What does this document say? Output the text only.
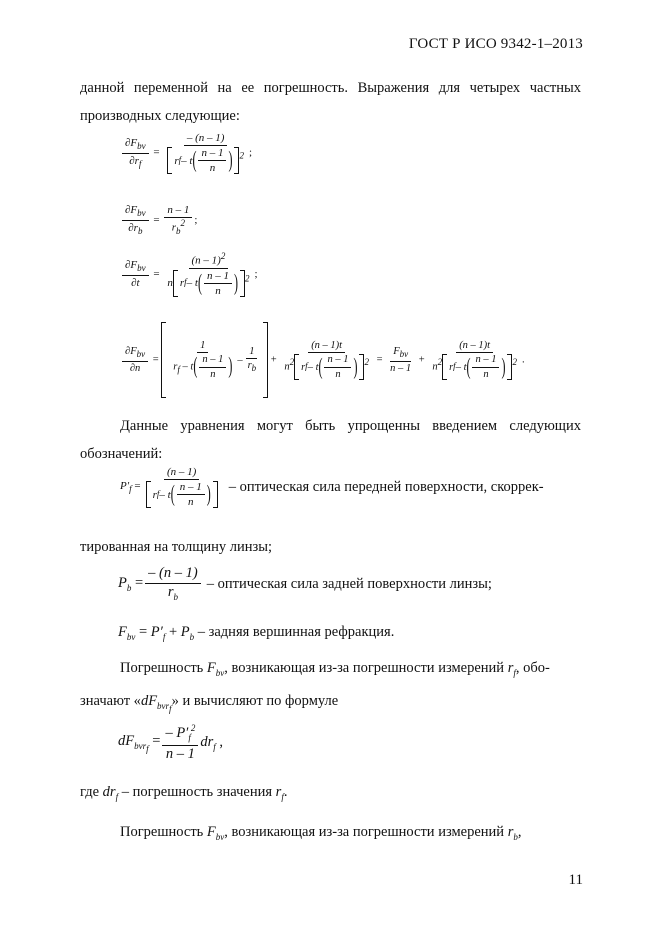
ГОСТ Р ИСО 9342-1–2013
данной переменной на ее погрешность. Выражения для четырех частных производных следующие:
$\frac{\partial F_{bv}}{\partial r_f} = \frac{- (n - 1)}{r f - t ( \frac{n - 1}{n} ) ^2}$ ;
$\frac{\partial F_{bv}}{\partial r_b} = \frac{n - 1}{r_b^2}$ ;
$\frac{\partial F_{bv}}{\partial t} = \frac{(n - 1)^2}{n r f - t ( \frac{n - 1}{n} ) ^2}$ ;
$\frac{\partial F_{bv}}{\partial n} = \frac{1}{r_f - t( \frac{n - 1}{n} )} - \frac{1}{r_b} + \frac{(n - 1)t}{n^2 r f - t ( \frac{n - 1}{n} ) ^2} = \frac{F_{bv}}{n - 1} + \frac{(n - 1)t}{n^2 r f - t ( \frac{n - 1}{n} ) ^2}$ .
Данные уравнения могут быть упрощенны введением следующих обозначений:
$P'_f = \frac{(n - 1)}{r f - t ( \frac{n - 1}{n} )}$ – оптическая сила передней поверхности, скоррек-
тированная на толщину линзы;
$P_b = \frac{- (n - 1)}{r_b}$ – оптическая сила задней поверхности линзы;
$F_{bv} = P'_f + P_b$ – задняя вершинная рефракция.
Погрешность $F_{bv}$, возникающая из-за погрешности измерений $r_f$, обо-
значают «$dF_{bvr_f}$» и вычисляют по формуле
$dF_{bvr_f} = \frac{- P'_f^2}{n - 1} dr_f$ ,
где $dr_f$ – погрешность значения $r_f$.
Погрешность $F_{bv}$, возникающая из-за погрешности измерений $r_b$,
11
